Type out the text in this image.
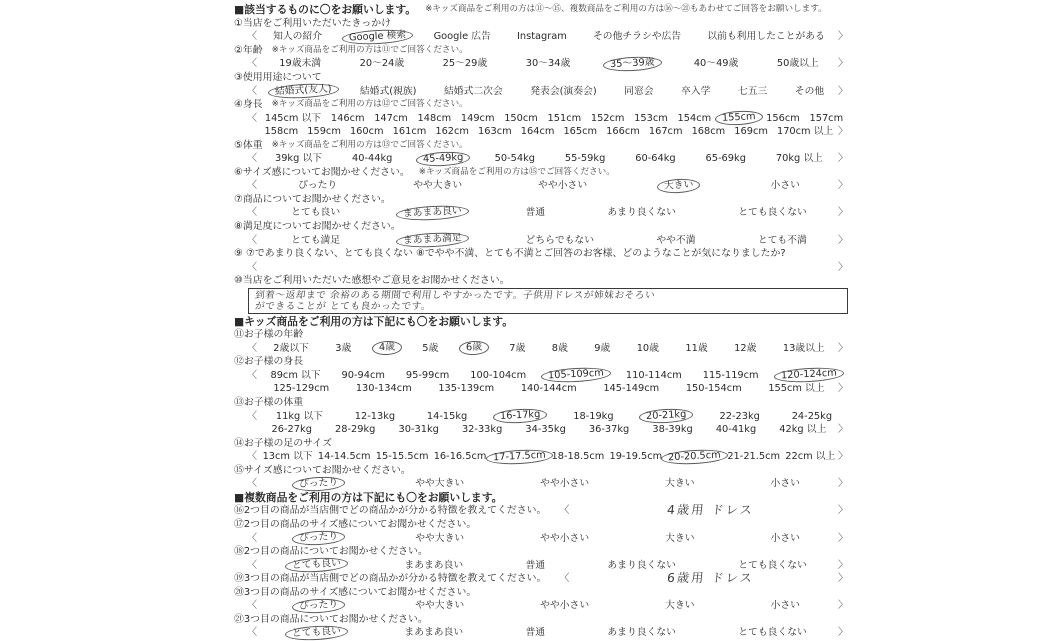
■該当するものに〇をお願いします。 ※キッズ商品をご利用の方は⑪〜⑮、複数商品をご利用の方は⑯〜㉑もあわせてご回答をお願いします。
①当店をご利用いただいたきっかけ
〈	知人の紹介	Google 検索	Google 広告	Instagram	その他チラシや広告	以前も利用したことがある 〉
②年齢 ※キッズ商品をご利用の方は⑪でご回答ください。
〈	19歳未満	20〜24歳	25〜29歳	30〜34歳	35〜39歳	40〜49歳	50歳以上 〉
③使用用途について
〈	結婚式(友人)	結婚式(親族)	結婚式二次会	発表会(演奏会)	同窓会	卒入学	七五三	その他 〉
④身長 ※キッズ商品をご利用の方は⑫でご回答ください。
〈 145cm 以下 146cm 147cm 148cm 149cm 150cm 151cm 152cm 153cm 154cm	155cm	156cm 157cm
158cm 159cm 160cm 161cm 162cm 163cm 164cm 165cm 166cm 167cm 168cm 169cm 170cm 以上 〉
⑤体重 ※キッズ商品をご利用の方は⑬でご回答ください。
〈	39kg 以下	40-44kg	45-49kg	50-54kg	55-59kg	60-64kg	65-69kg	70kg 以上 〉
⑥サイズ感についてお聞かせください。 ※キッズ商品をご利用の方は⑮でご回答ください。
〈	ぴったり	やや大きい	やや小さい	大きい	小さい	〉
⑦商品についてお聞かせください。
〈	とても良い	まあまあ良い	普通	あまり良くない	とても良くない	〉
⑧満足度についてお聞かせください。
〈	とても満足	まあまあ満足	どちらでもない	やや不満	とても不満	〉
⑨ ⑦であまり良くない、とても良くない ⑧でやや不満、とても不満とご回答のお客様、どのようなことが気になりましたか?
〈	〉
⑩当店をご利用いただいた感想やご意見をお聞かせください。
到着〜返却まで 余裕のある期間で利用しやすかったです。子供用ドレスが姉妹おそろい
ができることが とても良かったです。
■キッズ商品をご利用の方は下記にも〇をお願いします。
⑪お子様の年齢
〈	2歳以下	3歳	4歳	5歳	6歳	7歳	8歳	9歳	10歳	11歳	12歳	13歳以上 〉
⑫お子様の身長
〈	89cm 以下 90-94cm 95-99cm 100-104cm	105-109cm	110-114cm 115-119cm	120-124cm
125-129cm	130-134cm	135-139cm	140-144cm	145-149cm	150-154cm	155cm 以上 〉
⑬お子様の体重
〈	11kg 以下	12-13kg	14-15kg	16-17kg	18-19kg	20-21kg	22-23kg	24-25kg
26-27kg 28-29kg 30-31kg 32-33kg 34-35kg 36-37kg 38-39kg 40-41kg 42kg 以上 〉
⑭お子様の足のサイズ
〈 13cm 以下 14-14.5cm 15-15.5cm 16-16.5cm 17-17.5cm 18-18.5cm 19-19.5cm 20-20.5cm 21-21.5cm 22cm 以上 〉
⑮サイズ感についてお聞かせください。
〈	ぴったり	やや大きい	やや小さい	大きい	小さい	〉
■複数商品をご利用の方は下記にも〇をお願いします。
⑯2つ目の商品が当店側でどの商品かが分かる特徴を教えてください。	〈	4歳用 ドレス	〉
⑰2つ目の商品のサイズ感についてお聞かせください。
〈	ぴったり	やや大きい	やや小さい	大きい	小さい	〉
⑱2つ目の商品についてお聞かせください。
〈	とても良い	まあまあ良い	普通	あまり良くない	とても良くない	〉
⑲3つ目の商品が当店側でどの商品かが分かる特徴を教えてください。	〈	6歳用 ドレス	〉
⑳3つ目の商品のサイズ感についてお聞かせください。
〈	ぴったり	やや大きい	やや小さい	大きい	小さい	〉
㉑3つ目の商品についてお聞かせください。
〈	とても良い	まあまあ良い	普通	あまり良くない	とても良くない	〉
